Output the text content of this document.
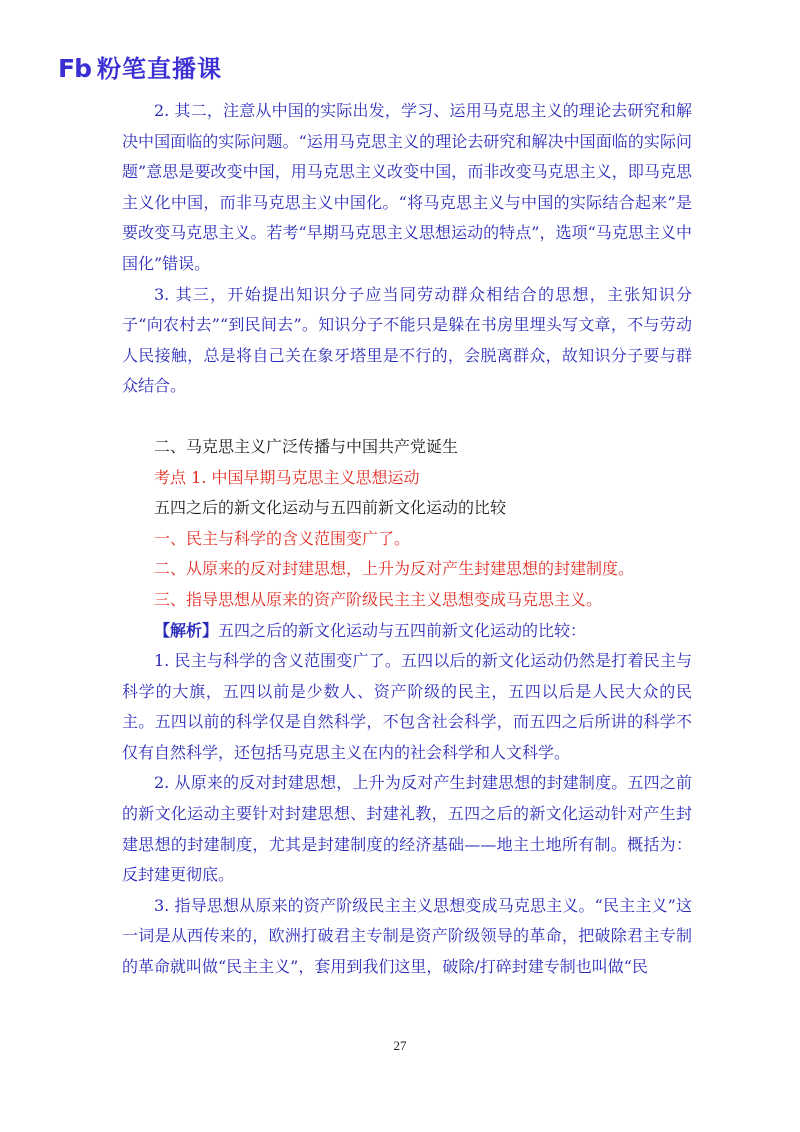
Fb 粉笔直播课

2. 其二，注意从中国的实际出发，学习、运用马克思主义的理论去研究和解决中国面临的实际问题。“运用马克思主义的理论去研究和解决中国面临的实际问题”意思是要改变中国，用马克思主义改变中国，而非改变马克思主义，即马克思主义化中国，而非马克思主义中国化。“将马克思主义与中国的实际结合起来”是要改变马克思主义。若考“早期马克思主义思想运动的特点”，选项“马克思主义中国化”错误。

3. 其三，开始提出知识分子应当同劳动群众相结合的思想，主张知识分子“向农村去”“到民间去”。知识分子不能只是躲在书房里埋头写文章，不与劳动人民接触，总是将自己关在象牙塔里是不行的，会脱离群众，故知识分子要与群众结合。

二、马克思主义广泛传播与中国共产党诞生

考点 1. 中国早期马克思主义思想运动

五四之后的新文化运动与五四前新文化运动的比较

一、民主与科学的含义范围变广了。

二、从原来的反对封建思想，上升为反对产生封建思想的封建制度。

三、指导思想从原来的资产阶级民主主义思想变成马克思主义。

【解析】五四之后的新文化运动与五四前新文化运动的比较：

1. 民主与科学的含义范围变广了。五四以后的新文化运动仍然是打着民主与科学的大旗，五四以前是少数人、资产阶级的民主，五四以后是人民大众的民主。五四以前的科学仅是自然科学，不包含社会科学，而五四之后所讲的科学不仅有自然科学，还包括马克思主义在内的社会科学和人文科学。

2. 从原来的反对封建思想，上升为反对产生封建思想的封建制度。五四之前的新文化运动主要针对封建思想、封建礼教，五四之后的新文化运动针对产生封建思想的封建制度，尤其是封建制度的经济基础——地主土地所有制。概括为：反封建更彻底。

3. 指导思想从原来的资产阶级民主主义思想变成马克思主义。“民主主义”这一词是从西传来的，欧洲打破君主专制是资产阶级领导的革命，把破除君主专制的革命就叫做“民主主义”，套用到我们这里，破除/打碎封建专制也叫做“民

27
